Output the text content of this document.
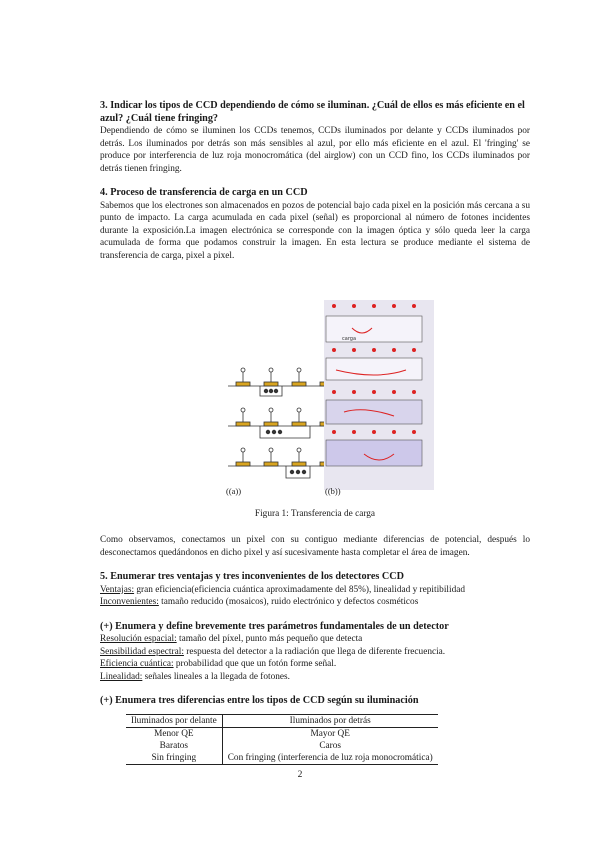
3. Indicar los tipos de CCD dependiendo de cómo se iluminan. ¿Cuál de ellos es más eficiente en el azul? ¿Cuál tiene fringing?

Dependiendo de cómo se iluminen los CCDs tenemos, CCDs iluminados por delante y CCDs iluminados por detrás. Los iluminados por detrás son más sensibles al azul, por ello más eficiente en el azul. El 'fringing' se produce por interferencia de luz roja monocromática (del airglow) con un CCD fino, los CCDs iluminados por detrás tienen fringing.

4. Proceso de transferencia de carga en un CCD

Sabemos que los electrones son almacenados en pozos de potencial bajo cada pixel en la posición más cercana a su punto de impacto. La carga acumulada en cada pixel (señal) es proporcional al número de fotones incidentes durante la exposición.La imagen electrónica se corresponde con la imagen óptica y sólo queda leer la carga acumulada de forma que podamos construir la imagen. En esta lectura se produce mediante el sistema de transferencia de carga, pixel a pixel.

carga
((a))	((b))
Figura 1: Transferencia de carga

Como observamos, conectamos un pixel con su contiguo mediante diferencias de potencial, después lo desconectamos quedándonos en dicho pixel y así sucesivamente hasta completar el área de imagen.

5. Enumerar tres ventajas y tres inconvenientes de los detectores CCD

Ventajas: gran eficiencia(eficiencia cuántica aproximadamente del 85%), linealidad y repitibilidad

Inconvenientes: tamaño reducido (mosaicos), ruido electrónico y defectos cosméticos

(+) Enumera y define brevemente tres parámetros fundamentales de un detector

Resolución espacial: tamaño del píxel, punto más pequeño que detecta

Sensibilidad espectral: respuesta del detector a la radiación que llega de diferente frecuencia.

Eficiencia cuántica: probabilidad que que un fotón forme señal.

Linealidad: señales lineales a la llegada de fotones.

(+) Enumera tres diferencias entre los tipos de CCD según su iluminación

Iluminados por delante	Iluminados por detrás
Menor QE	Mayor QE
Baratos	Caros
Sin fringing	Con fringing (interferencia de luz roja monocromática)
2
